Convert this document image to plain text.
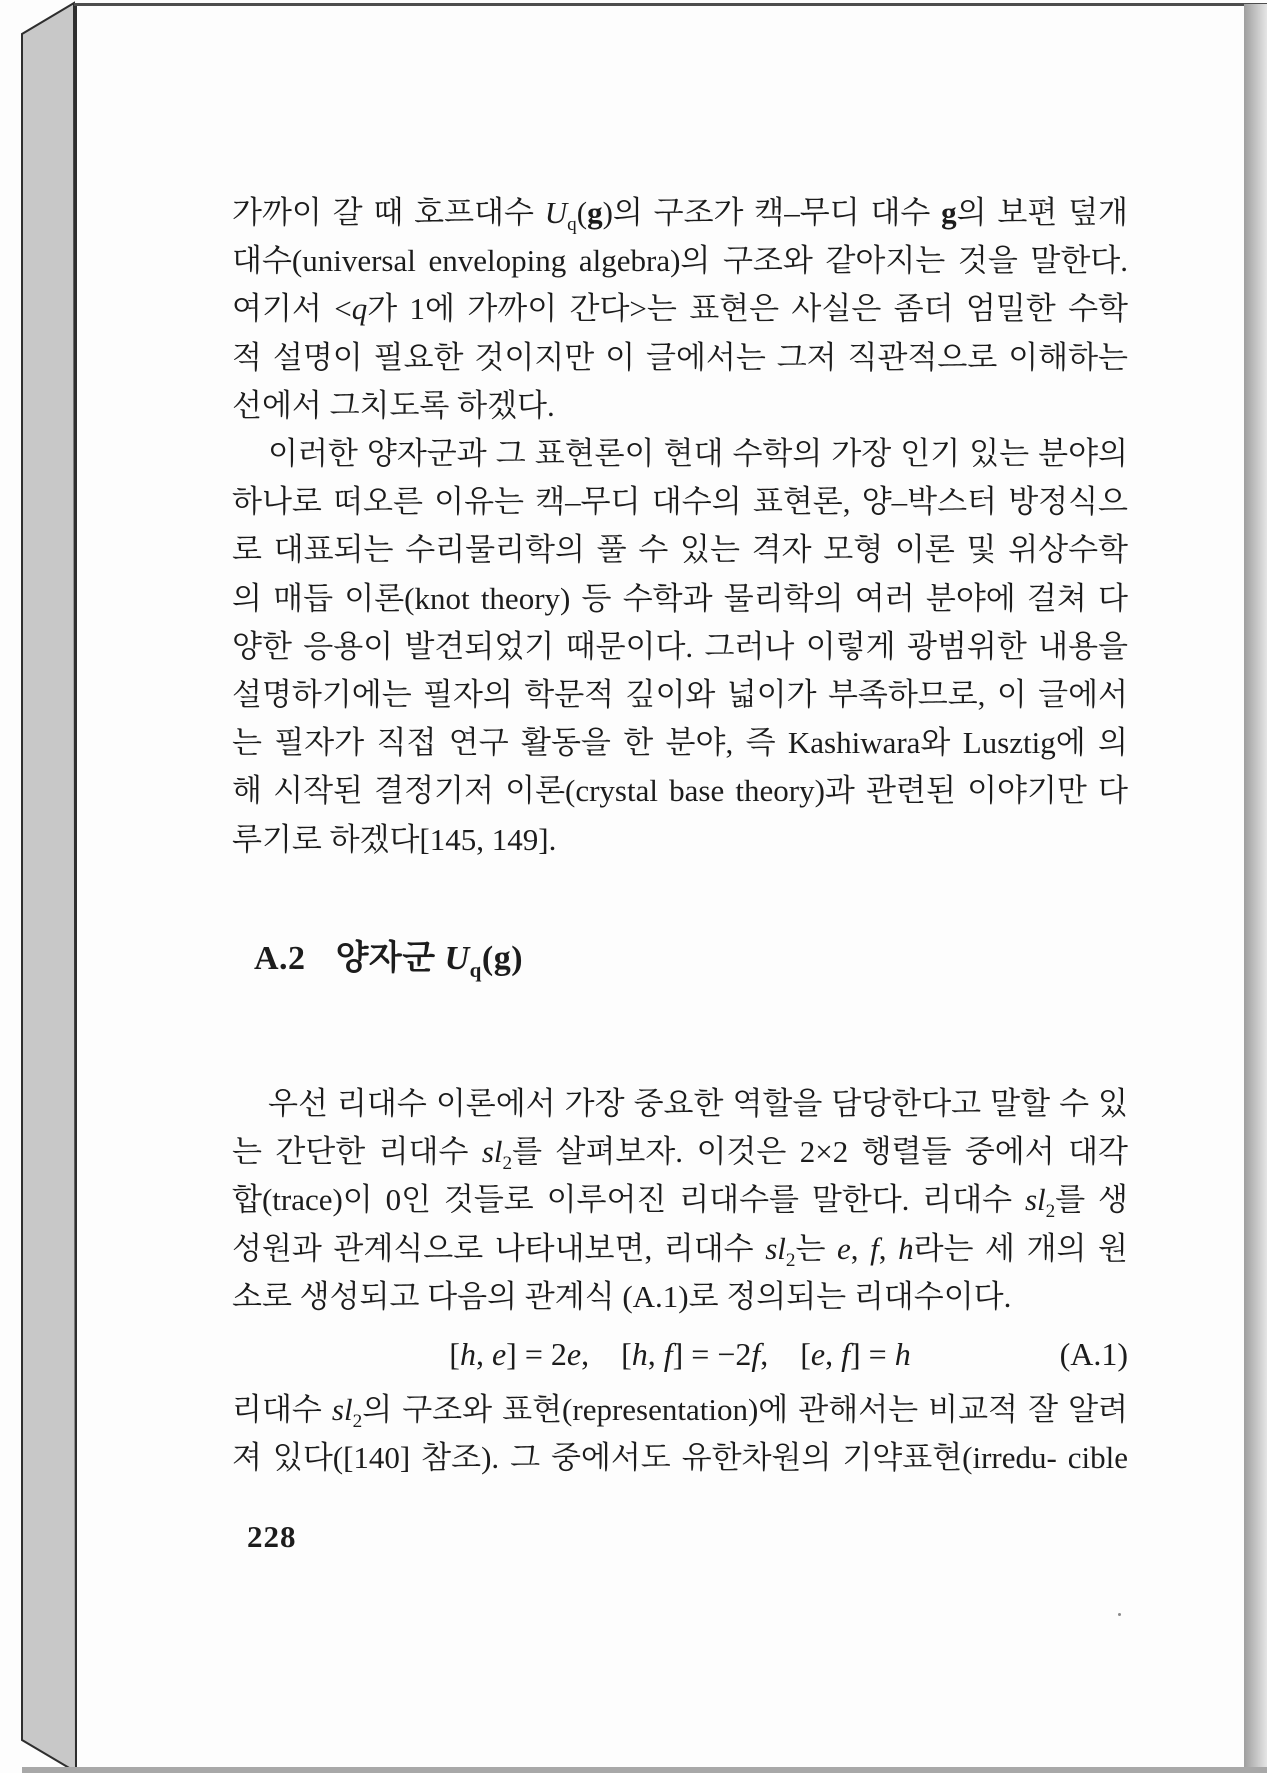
가까이 갈 때 호프대수 $U_q(g)$의 구조가 캑–무디 대수 g의 보편 덮개
대수(universal enveloping algebra)의 구조와 같아지는 것을 말한다.
여기서 <q가 1에 가까이 간다>는 표현은 사실은 좀더 엄밀한 수학
적 설명이 필요한 것이지만 이 글에서는 그저 직관적으로 이해하는
선에서 그치도록 하겠다.
이러한 양자군과 그 표현론이 현대 수학의 가장 인기 있는 분야의
하나로 떠오른 이유는 캑–무디 대수의 표현론, 양–박스터 방정식으
로 대표되는 수리물리학의 풀 수 있는 격자 모형 이론 및 위상수학
의 매듭 이론(knot theory) 등 수학과 물리학의 여러 분야에 걸쳐 다
양한 응용이 발견되었기 때문이다. 그러나 이렇게 광범위한 내용을
설명하기에는 필자의 학문적 깊이와 넓이가 부족하므로, 이 글에서
는 필자가 직접 연구 활동을 한 분야, 즉 Kashiwara와 Lusztig에 의
해 시작된 결정기저 이론(crystal base theory)과 관련된 이야기만 다
루기로 하겠다[145, 149].
A.2 양자군 $U_q(g)$
우선 리대수 이론에서 가장 중요한 역할을 담당한다고 말할 수 있
는 간단한 리대수 $sl_2$를 살펴보자. 이것은 2×2 행렬들 중에서 대각
합(trace)이 0인 것들로 이루어진 리대수를 말한다. 리대수 $sl_2$를 생
성원과 관계식으로 나타내보면, 리대수 $sl_2$는 e, f, h라는 세 개의 원
소로 생성되고 다음의 관계식 (A.1)로 정의되는 리대수이다.
[h, e] = 2e,  [h, f] = −2f,  [e, f] = h	(A.1)
리대수 $sl_2$의 구조와 표현(representation)에 관해서는 비교적 잘 알려
져 있다([140] 참조). 그 중에서도 유한차원의 기약표현(irredu- cible
228
